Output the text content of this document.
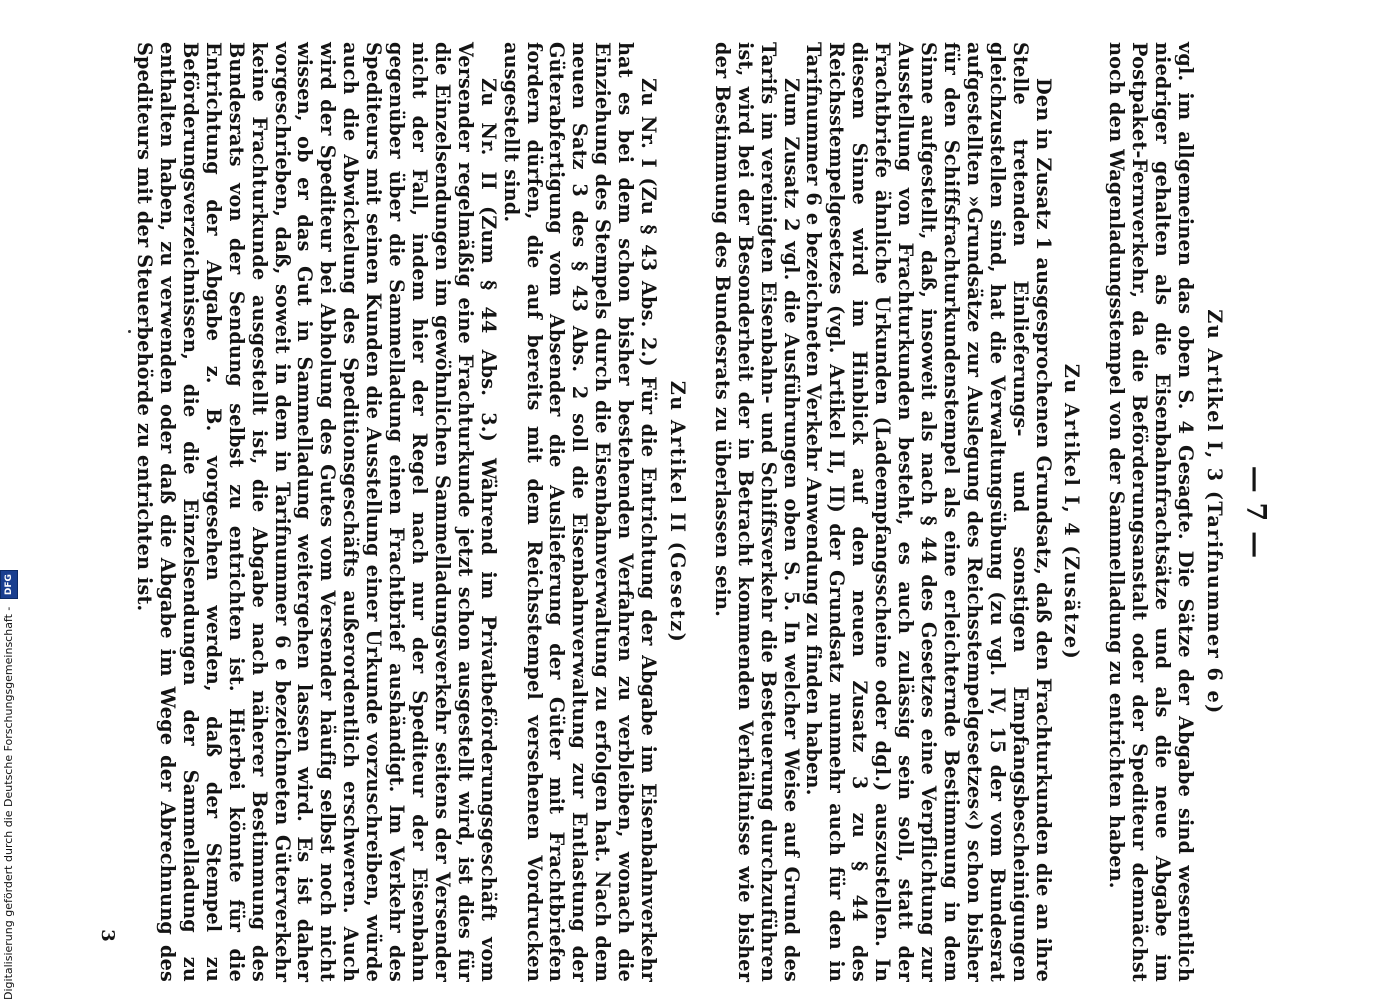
— 7 —
Zu Artikel I, 3 (Tarifnummer 6 e)

vgl. im allgemeinen das oben S. 4 Gesagte. Die Sätze der Abgabe sind wesentlich niedriger gehalten als die Eisenbahnfrachtsätze und als die neue Abgabe im Postpaket-Fernverkehr, da die Beförderungsanstalt oder der Spediteur demnächst noch den Wagenladungsstempel von der Sammelladung zu entrichten haben.

Zu Artikel I, 4 (Zusätze)

Den in Zusatz 1 ausgesprochenen Grundsatz, daß den Frachturkunden die an ihre Stelle tretenden Einlieferungs- und sonstigen Empfangsbescheinigungen gleichzustellen sind, hat die Verwaltungsübung (zu vgl. IV, 15 der vom Bundesrat aufgestellten »Grundsätze zur Auslegung des Reichsstempelgesetzes«) schon bisher für den Schiffsfrachturkundenstempel als eine erleichternde Bestimmung in dem Sinne aufgestellt, daß, insoweit als nach § 44 des Gesetzes eine Verpflichtung zur Ausstellung von Frachturkunden besteht, es auch zulässig sein soll, statt der Frachtbriefe ähnliche Urkunden (Ladeempfangsscheine oder dgl.) auszustellen. In diesem Sinne wird im Hinblick auf den neuen Zusatz 3 zu § 44 des Reichsstempelgesetzes (vgl. Artikel II, II) der Grundsatz nunmehr auch für den in Tarifnummer 6 e bezeichneten Verkehr Anwendung zu finden haben.

Zum Zusatz 2 vgl. die Ausführungen oben S. 5. In welcher Weise auf Grund des Tarifs im vereinigten Eisenbahn- und Schiffsverkehr die Besteuerung durchzuführen ist, wird bei der Besonderheit der in Betracht kommenden Verhältnisse wie bisher der Bestimmung des Bundesrats zu überlassen sein.

Zu Artikel II (Gesetz)

Zu Nr. I (Zu § 43 Abs. 2.) Für die Entrichtung der Abgabe im Eisenbahnverkehr hat es bei dem schon bisher bestehenden Verfahren zu verbleiben, wonach die Einziehung des Stempels durch die Eisenbahnverwaltung zu erfolgen hat. Nach dem neuen Satz 3 des § 43 Abs. 2 soll die Eisenbahnverwaltung zur Entlastung der Güterabfertigung vom Absender die Auslieferung der Güter mit Frachtbriefen fordern dürfen, die auf bereits mit dem Reichsstempel versehenen Vordrucken ausgestellt sind.

Zu Nr. II (Zum § 44 Abs. 3.) Während im Privatbeförderungsgeschäft vom Versender regelmäßig eine Frachturkunde jetzt schon ausgestellt wird, ist dies für die Einzelsendungen im gewöhnlichen Sammelladungsverkehr seitens der Versender nicht der Fall, indem hier der Regel nach nur der Spediteur der Eisenbahn gegenüber über die Sammelladung einen Frachtbrief aushändigt. Im Verkehr des Spediteurs mit seinen Kunden die Ausstellung einer Urkunde vorzuschreiben, würde auch die Abwickelung des Speditionsgeschäfts außerordentlich erschweren. Auch wird der Spediteur bei Abholung des Gutes vom Versender häufig selbst noch nicht wissen, ob er das Gut in Sammelladung weitergehen lassen wird. Es ist daher vorgeschrieben, daß, soweit in dem in Tarifnummer 6 e bezeichneten Güterverkehr keine Frachturkunde ausgestellt ist, die Abgabe nach näherer Bestimmung des Bundesrats von der Sendung selbst zu entrichten ist. Hierbei könnte für die Entrichtung der Abgabe z. B. vorgesehen werden, daß der Stempel zu Beförderungsverzeichnissen, die die Einzelsendungen der Sammelladung zu enthalten haben, zu verwenden oder daß die Abgabe im Wege der Abrechnung des Spediteurs mit der Steuerbehörde zu entrichten ist.

3
Digitalisierung gefördert durch die Deutsche Forschungsgemeinschaft - DFG
